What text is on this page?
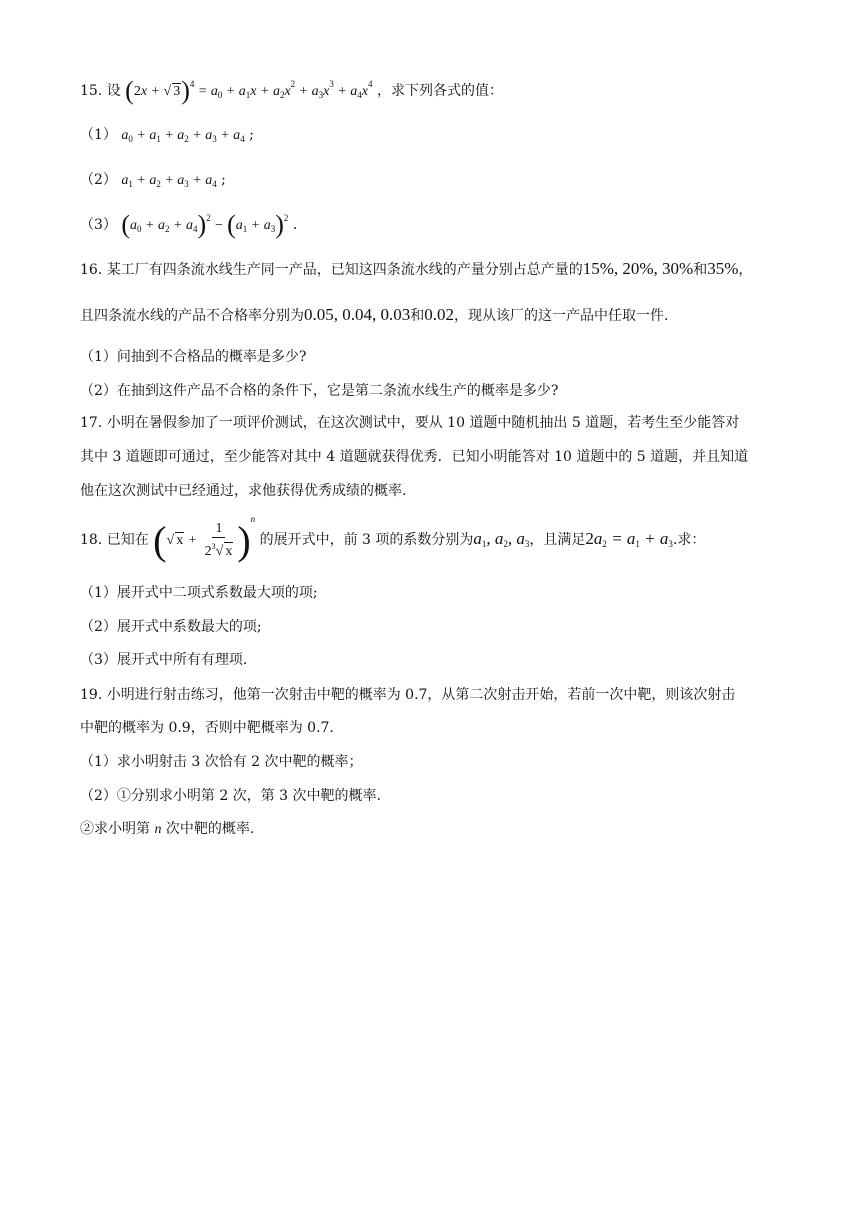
15. 设 (2x + √ $3)^4 = a_0 + a_1x + a_2x^2 + a_3x^3 + a_4x^4$ ，求下列各式的值：
（1） $a_0 + a_1 + a_2 + a_3 + a_4$ ;
（2） $a_1 + a_2 + a_3 + a_4$ ;
（3） $(a_0 + a_2 + a_4)^2 - (a_1 + a_3)^2$ .
16. 某工厂有四条流水线生产同一产品，已知这四条流水线的产量分别占总产量的15%, 20%, 30%和35%，
且四条流水线的产品不合格率分别为0.05, 0.04, 0.03和0.02，现从该厂的这一产品中任取一件.
（1）问抽到不合格品的概率是多少?
（2）在抽到这件产品不合格的条件下，它是第二条流水线生产的概率是多少?
17. 小明在暑假参加了一项评价测试，在这次测试中，要从 10 道题中随机抽出 5 道题，若考生至少能答对
其中 3 道题即可通过，至少能答对其中 4 道题就获得优秀．已知小明能答对 10 道题中的 5 道题，并且知道
他在这次测试中已经通过，求他获得优秀成绩的概率.
18. 已知在 (√ $x + \frac{1}{2^3√ x} )^n$ 的展开式中，前 3 项的系数分别为$a_1$, $a_2$, $a_3$，且满足$2a_2 = a_1 + a_3$.求：
（1）展开式中二项式系数最大项的项;
（2）展开式中系数最大的项;
（3）展开式中所有有理项.
19. 小明进行射击练习，他第一次射击中靶的概率为 0.7，从第二次射击开始，若前一次中靶，则该次射击
中靶的概率为 0.9，否则中靶概率为 0.7.
（1）求小明射击 3 次恰有 2 次中靶的概率；
（2）①分别求小明第 2 次，第 3 次中靶的概率.
②求小明第 n 次中靶的概率.
